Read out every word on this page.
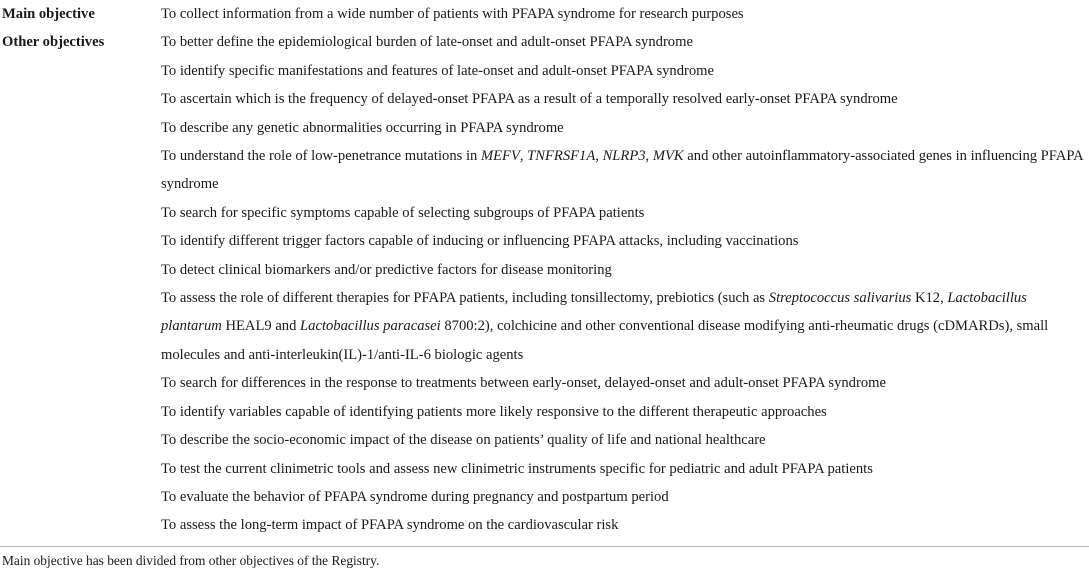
Main objective	To collect information from a wide number of patients with PFAPA syndrome for research purposes
Other objectives	To better define the epidemiological burden of late-onset and adult-onset PFAPA syndrome
	To identify specific manifestations and features of late-onset and adult-onset PFAPA syndrome
	To ascertain which is the frequency of delayed-onset PFAPA as a result of a temporally resolved early-onset PFAPA syndrome
	To describe any genetic abnormalities occurring in PFAPA syndrome
	To understand the role of low-penetrance mutations in MEFV, TNFRSF1A, NLRP3, MVK and other autoinflammatory-associated genes in influencing PFAPA syndrome
	To search for specific symptoms capable of selecting subgroups of PFAPA patients
	To identify different trigger factors capable of inducing or influencing PFAPA attacks, including vaccinations
	To detect clinical biomarkers and/or predictive factors for disease monitoring
	To assess the role of different therapies for PFAPA patients, including tonsillectomy, prebiotics (such as Streptococcus salivarius K12, Lactobacillus plantarum HEAL9 and Lactobacillus paracasei 8700:2), colchicine and other conventional disease modifying anti-rheumatic drugs (cDMARDs), small molecules and anti-interleukin(IL)-1/anti-IL-6 biologic agents
	To search for differences in the response to treatments between early-onset, delayed-onset and adult-onset PFAPA syndrome
	To identify variables capable of identifying patients more likely responsive to the different therapeutic approaches
	To describe the socio-economic impact of the disease on patients’ quality of life and national healthcare
	To test the current clinimetric tools and assess new clinimetric instruments specific for pediatric and adult PFAPA patients
	To evaluate the behavior of PFAPA syndrome during pregnancy and postpartum period
	To assess the long-term impact of PFAPA syndrome on the cardiovascular risk
Main objective has been divided from other objectives of the Registry.
